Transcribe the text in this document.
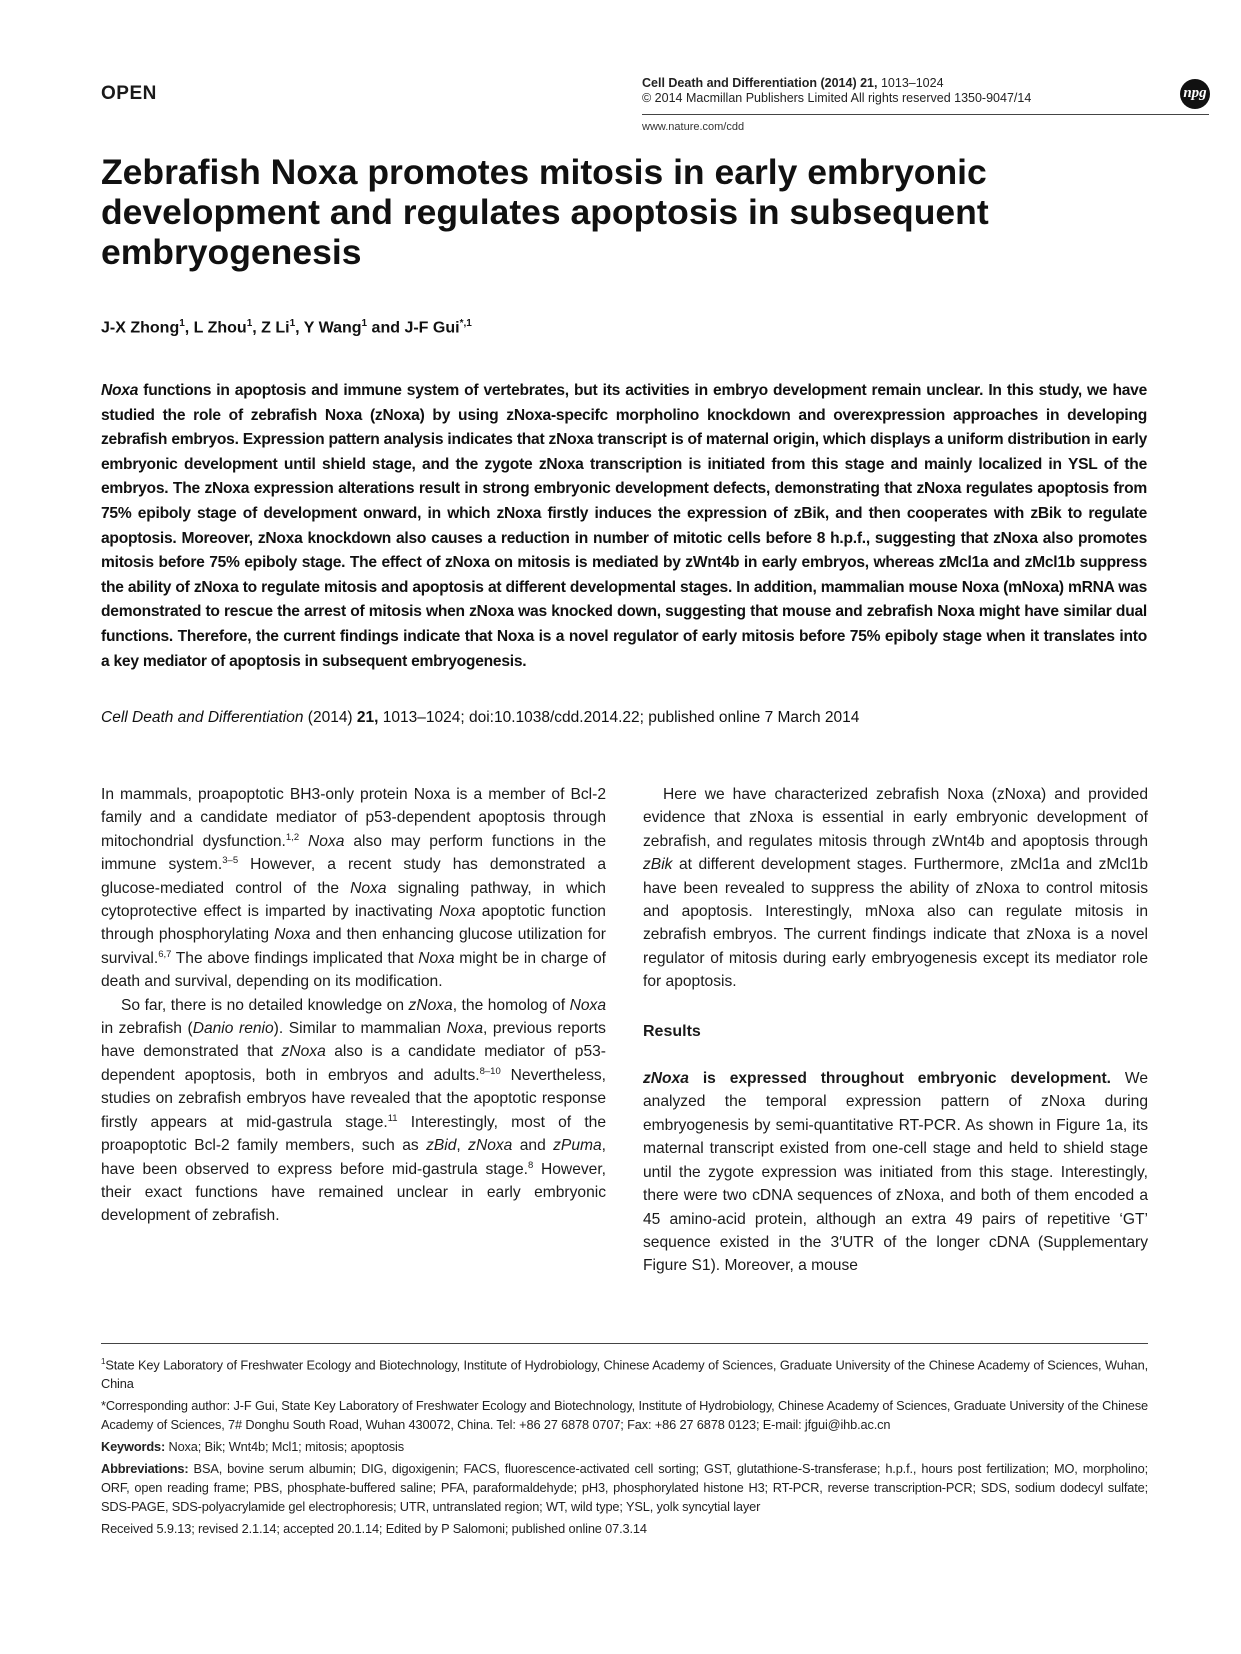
OPEN	Cell Death and Differentiation (2014) 21, 1013–1024
© 2014 Macmillan Publishers Limited All rights reserved 1350-9047/14
www.nature.com/cdd
npg
Zebrafish Noxa promotes mitosis in early embryonic development and regulates apoptosis in subsequent embryogenesis
J-X Zhong$^1$, L Zhou$^1$, Z Li$^1$, Y Wang$^1$ and J-F Gui$^{*,1}$
Noxa functions in apoptosis and immune system of vertebrates, but its activities in embryo development remain unclear. In this study, we have studied the role of zebrafish Noxa (zNoxa) by using zNoxa-specifc morpholino knockdown and overexpression approaches in developing zebrafish embryos. Expression pattern analysis indicates that zNoxa transcript is of maternal origin, which displays a uniform distribution in early embryonic development until shield stage, and the zygote zNoxa transcription is initiated from this stage and mainly localized in YSL of the embryos. The zNoxa expression alterations result in strong embryonic development defects, demonstrating that zNoxa regulates apoptosis from 75% epiboly stage of development onward, in which zNoxa firstly induces the expression of zBik, and then cooperates with zBik to regulate apoptosis. Moreover, zNoxa knockdown also causes a reduction in number of mitotic cells before 8 h.p.f., suggesting that zNoxa also promotes mitosis before 75% epiboly stage. The effect of zNoxa on mitosis is mediated by zWnt4b in early embryos, whereas zMcl1a and zMcl1b suppress the ability of zNoxa to regulate mitosis and apoptosis at different developmental stages. In addition, mammalian mouse Noxa (mNoxa) mRNA was demonstrated to rescue the arrest of mitosis when zNoxa was knocked down, suggesting that mouse and zebrafish Noxa might have similar dual functions. Therefore, the current findings indicate that Noxa is a novel regulator of early mitosis before 75% epiboly stage when it translates into a key mediator of apoptosis in subsequent embryogenesis.
Cell Death and Differentiation (2014) 21, 1013–1024; doi:10.1038/cdd.2014.22; published online 7 March 2014

In mammals, proapoptotic BH3-only protein Noxa is a member of Bcl-2 family and a candidate mediator of p53-dependent apoptosis through mitochondrial dysfunction.$^{1,2}$ Noxa also may perform functions in the immune system.$^{3-5}$ However, a recent study has demonstrated a glucose-mediated control of the Noxa signaling pathway, in which cytoprotective effect is imparted by inactivating Noxa apoptotic function through phosphorylating Noxa and then enhancing glucose utilization for survival.$^{6,7}$ The above findings implicated that Noxa might be in charge of death and survival, depending on its modification.

So far, there is no detailed knowledge on zNoxa, the homolog of Noxa in zebrafish (Danio renio). Similar to mammalian Noxa, previous reports have demonstrated that zNoxa also is a candidate mediator of p53-dependent apoptosis, both in embryos and adults.$^{8-10}$ Nevertheless, studies on zebrafish embryos have revealed that the apoptotic response firstly appears at mid-gastrula stage.$^{11}$ Interestingly, most of the proapoptotic Bcl-2 family members, such as zBid, zNoxa and zPuma, have been observed to express before mid-gastrula stage.$^8$ However, their exact functions have remained unclear in early embryonic development of zebrafish.

Here we have characterized zebrafish Noxa (zNoxa) and provided evidence that zNoxa is essential in early embryonic development of zebrafish, and regulates mitosis through zWnt4b and apoptosis through zBik at different development stages. Furthermore, zMcl1a and zMcl1b have been revealed to suppress the ability of zNoxa to control mitosis and apoptosis. Interestingly, mNoxa also can regulate mitosis in zebrafish embryos. The current findings indicate that zNoxa is a novel regulator of mitosis during early embryogenesis except its mediator role for apoptosis.

Results

zNoxa is expressed throughout embryonic development. We analyzed the temporal expression pattern of zNoxa during embryogenesis by semi-quantitative RT-PCR. As shown in Figure 1a, its maternal transcript existed from one-cell stage and held to shield stage until the zygote expression was initiated from this stage. Interestingly, there were two cDNA sequences of zNoxa, and both of them encoded a 45 amino-acid protein, although an extra 49 pairs of repetitive ‘GT’ sequence existed in the 3′UTR of the longer cDNA (Supplementary Figure S1). Moreover, a mouse

$^1$State Key Laboratory of Freshwater Ecology and Biotechnology, Institute of Hydrobiology, Chinese Academy of Sciences, Graduate University of the Chinese Academy of Sciences, Wuhan, China

*Corresponding author: J-F Gui, State Key Laboratory of Freshwater Ecology and Biotechnology, Institute of Hydrobiology, Chinese Academy of Sciences, Graduate University of the Chinese Academy of Sciences, 7# Donghu South Road, Wuhan 430072, China. Tel: +86 27 6878 0707; Fax: +86 27 6878 0123; E-mail: jfgui@ihb.ac.cn

Keywords: Noxa; Bik; Wnt4b; Mcl1; mitosis; apoptosis

Abbreviations: BSA, bovine serum albumin; DIG, digoxigenin; FACS, fluorescence-activated cell sorting; GST, glutathione-S-transferase; h.p.f., hours post fertilization; MO, morpholino; ORF, open reading frame; PBS, phosphate-buffered saline; PFA, paraformaldehyde; pH3, phosphorylated histone H3; RT-PCR, reverse transcription-PCR; SDS, sodium dodecyl sulfate; SDS-PAGE, SDS-polyacrylamide gel electrophoresis; UTR, untranslated region; WT, wild type; YSL, yolk syncytial layer

Received 5.9.13; revised 2.1.14; accepted 20.1.14; Edited by P Salomoni; published online 07.3.14
